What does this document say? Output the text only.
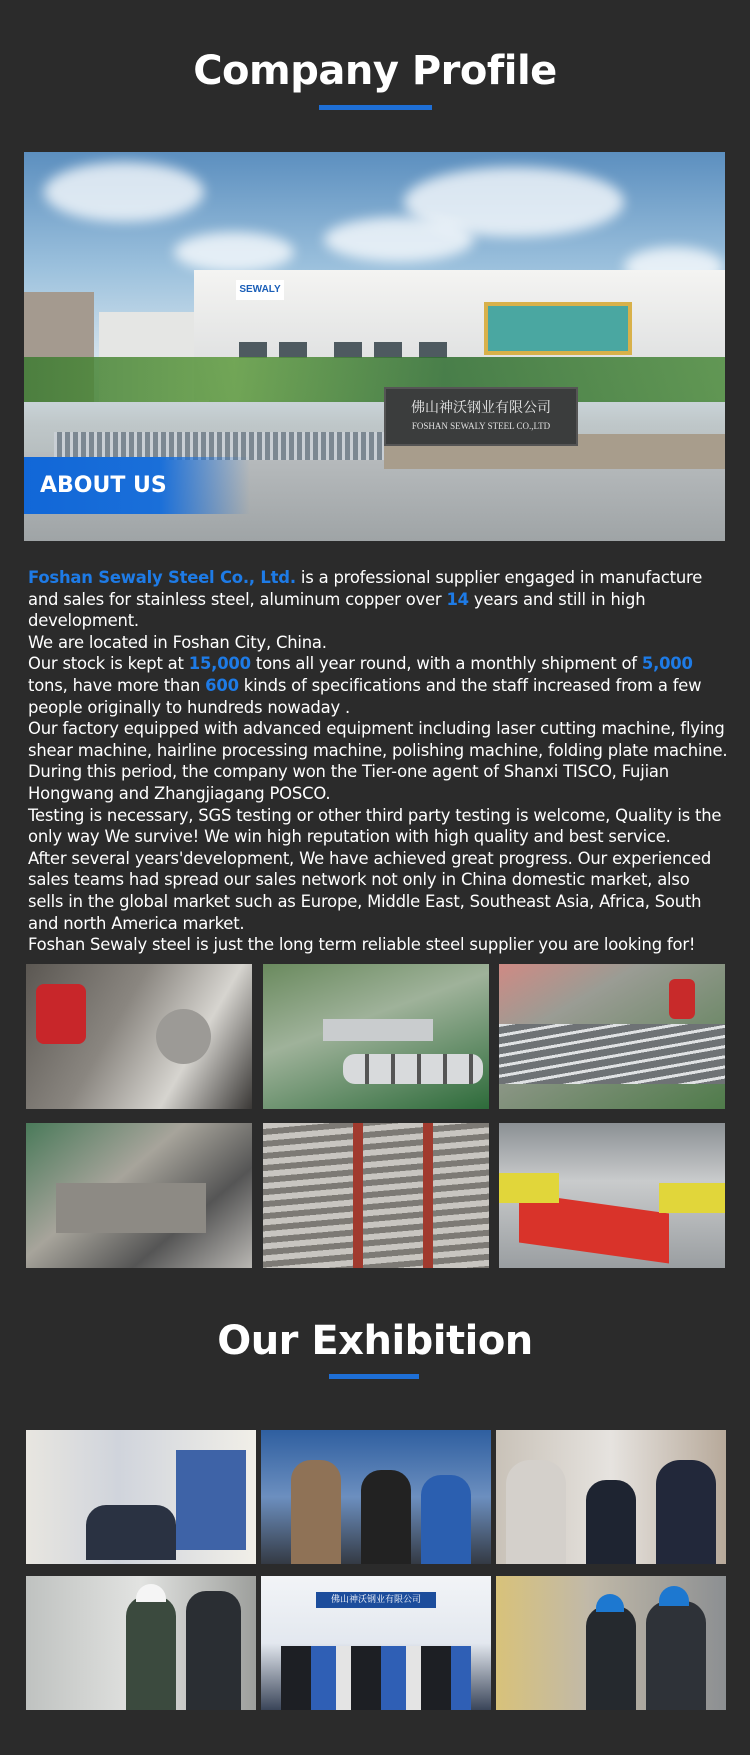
Company Profile
SEWALY
佛山神沃钢业有限公司
FOSHAN SEWALY STEEL CO.,LTD
ABOUT US

Foshan Sewaly Steel Co., Ltd. is a professional supplier engaged in manufacture and sales for stainless steel, aluminum copper over 14 years and still in high development.

We are located in Foshan City, China.

Our stock is kept at 15,000 tons all year round, with a monthly shipment of 5,000 tons, have more than 600 kinds of specifications and the staff increased from a few people originally to hundreds nowaday .

Our factory equipped with advanced equipment including laser cutting machine, flying shear machine, hairline processing machine, polishing machine, folding plate machine.

During this period, the company won the Tier-one agent of Shanxi TISCO, Fujian Hongwang and Zhangjiagang POSCO.

Testing is necessary, SGS testing or other third party testing is welcome, Quality is the only way We survive! We win high reputation with high quality and best service.

After several years'development, We have achieved great progress. Our experienced sales teams had spread our sales network not only in China domestic market, also sells in the global market such as Europe, Middle East, Southeast Asia, Africa, South and north America market.

Foshan Sewaly steel is just the long term reliable steel supplier you are looking for!

Our Exhibition
佛山神沃钢业有限公司
